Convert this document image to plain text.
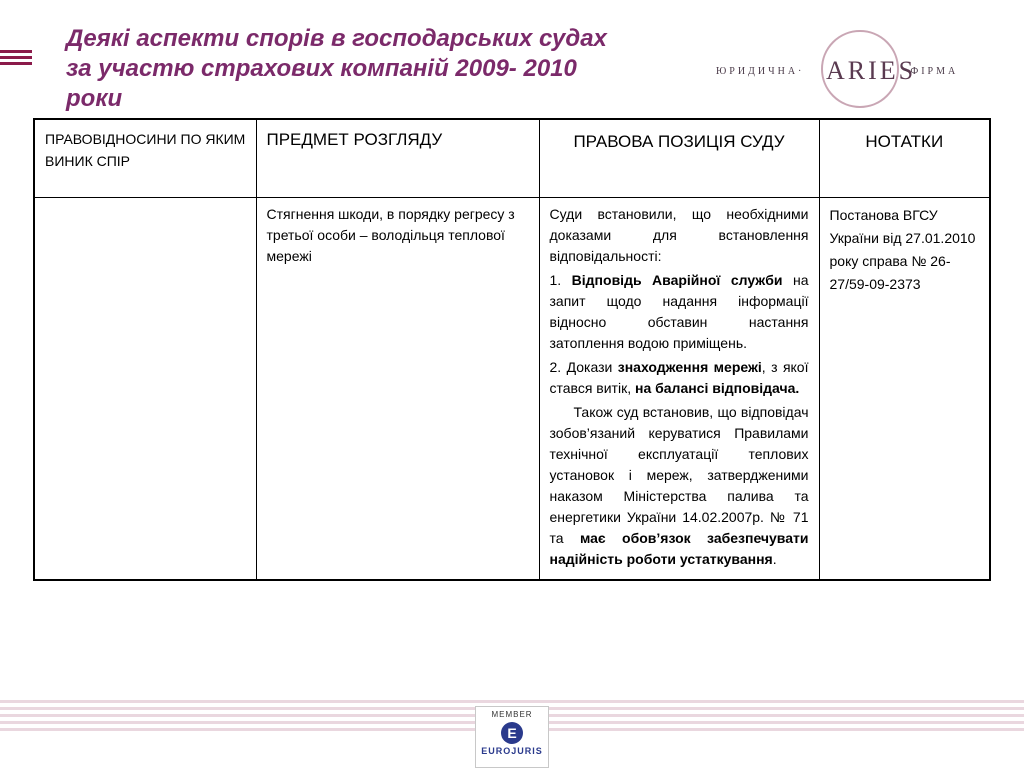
Деякі аспекти спорів в господарських судах
за участю страхових компаній 2009- 2010
роки
ЮРИДИЧНА· ARIES
·ФІРМА
ПРАВОВІДНОСИНИ ПО ЯКИМ
ВИНИК СПІР	ПРЕДМЕТ РОЗГЛЯДУ	ПРАВОВА ПОЗИЦІЯ СУДУ	НОТАТКИ
	Стягнення шкоди, в порядку регресу з третьої особи – володільця теплової мережі	Суди встановили, що необхідними доказами для встановлення відповідальності:

1. Відповідь Аварійної служби на запит щодо надання інформації відносно обставин настання затоплення водою приміщень.

2. Докази знаходження мережі, з якої стався витік, на балансі відповідача.

Також суд встановив, що відповідач зобов’язаний керуватися Правилами технічної експлуатації теплових установок і мереж, затвердженими наказом Міністерства палива та енергетики України 14.02.2007р. № 71 та має обов’язок забезпечувати надійність роботи устаткування.	Постанова ВГСУ України від 27.01.2010 року справа № 26-27/59-09-2373
MEMBER
E
EUROJURIS
